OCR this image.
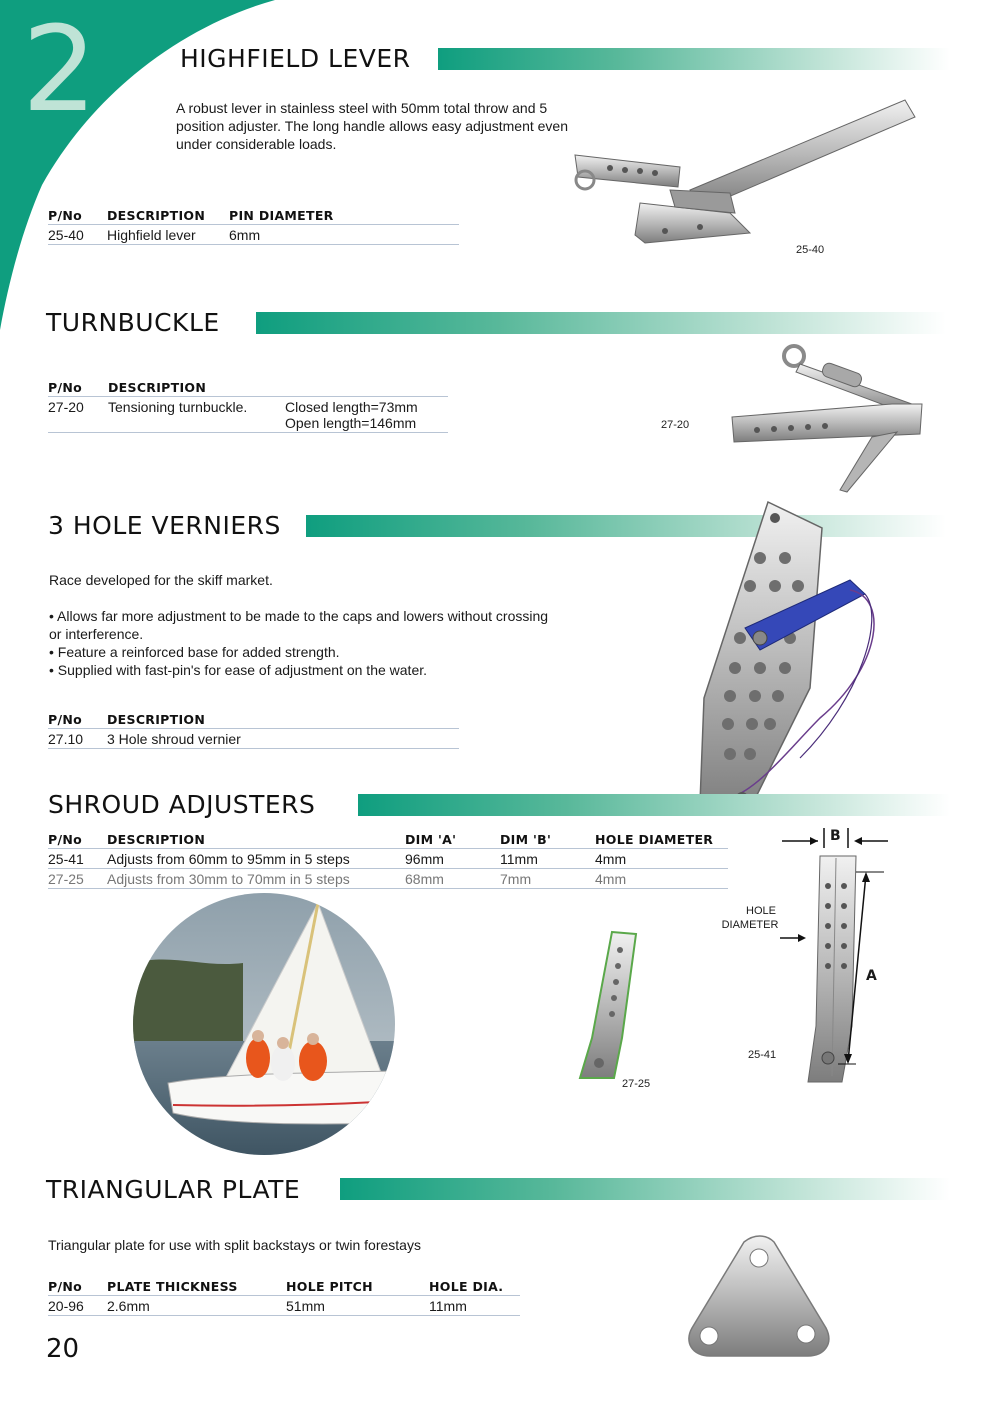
2	HIGHFIELD LEVER
A robust lever in stainless steel with 50mm total throw and 5 position adjuster. The long handle allows easy adjustment even under considerable loads.
P/No	DESCRIPTION	PIN DIAMETER
25-40	Highfield lever	6mm
25-40
TURNBUCKLE
P/No	DESCRIPTION	
27-20	Tensioning turnbuckle.	Closed length=73mm
Open length=146mm	27-20
3 HOLE VERNIERS
Race developed for the skiff market.
• Allows far more adjustment to be made to the caps and lowers without crossing or interference.
• Feature a reinforced base for added strength.
• Supplied with fast-pin's for ease of adjustment on the water.
P/No	DESCRIPTION
27.10	3 Hole shroud vernier
SHROUD ADJUSTERS
P/No	DESCRIPTION	DIM 'A'	DIM 'B'	HOLE DIAMETER
25-41	Adjusts from 60mm to 95mm in 5 steps	96mm	11mm	4mm
27-25	Adjusts from 30mm to 70mm in 5 steps	68mm	7mm	4mm
27-25
B
A
HOLE
DIAMETER
25-41
TRIANGULAR PLATE
Triangular plate for use with split backstays or twin forestays
P/No	PLATE THICKNESS	HOLE PITCH	HOLE DIA.
20-96	2.6mm	51mm	11mm
20
